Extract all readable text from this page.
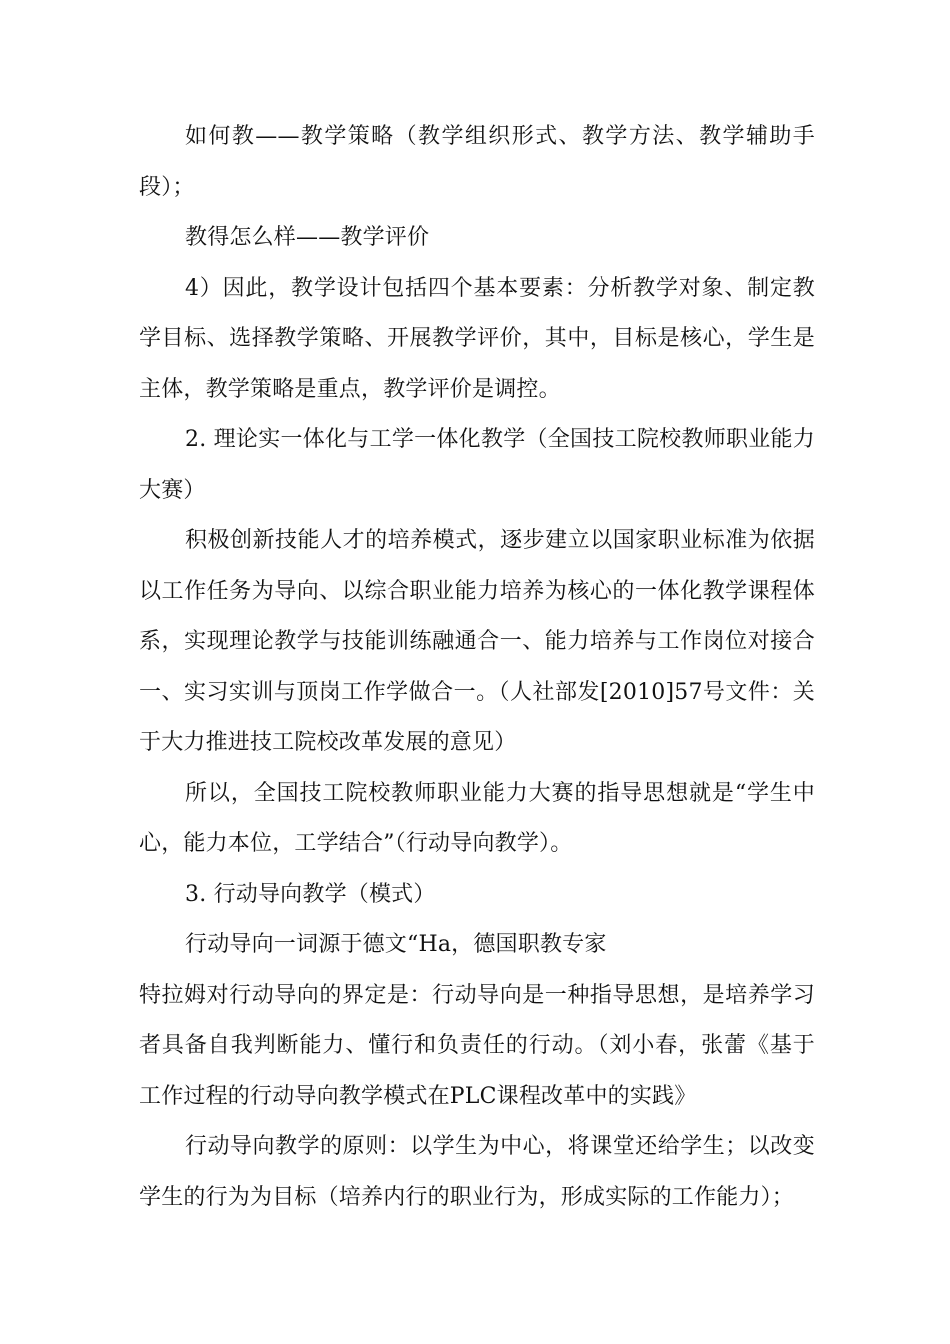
如何教——教学策略（教学组织形式、教学方法、教学辅助手段）；

教得怎么样——教学评价

4）因此，教学设计包括四个基本要素：分析教学对象、制定教学目标、选择教学策略、开展教学评价，其中，目标是核心，学生是主体，教学策略是重点，教学评价是调控。

2. 理论实一体化与工学一体化教学（全国技工院校教师职业能力大赛）

积极创新技能人才的培养模式，逐步建立以国家职业标准为依据以工作任务为导向、以综合职业能力培养为核心的一体化教学课程体系，实现理论教学与技能训练融通合一、能力培养与工作岗位对接合一、实习实训与顶岗工作学做合一。（人社部发[2010]57号文件：关于大力推进技工院校改革发展的意见）

所以，全国技工院校教师职业能力大赛的指导思想就是“学生中心，能力本位，工学结合”（行动导向教学）。

3. 行动导向教学（模式）

行动导向一词源于德文“Ha，德国职教专家

特拉姆对行动导向的界定是：行动导向是一种指导思想，是培养学习者具备自我判断能力、懂行和负责任的行动。（刘小春，张蕾《基于工作过程的行动导向教学模式在PLC课程改革中的实践》

行动导向教学的原则：以学生为中心，将课堂还给学生；以改变学生的行为为目标（培养内行的职业行为，形成实际的工作能力）；
